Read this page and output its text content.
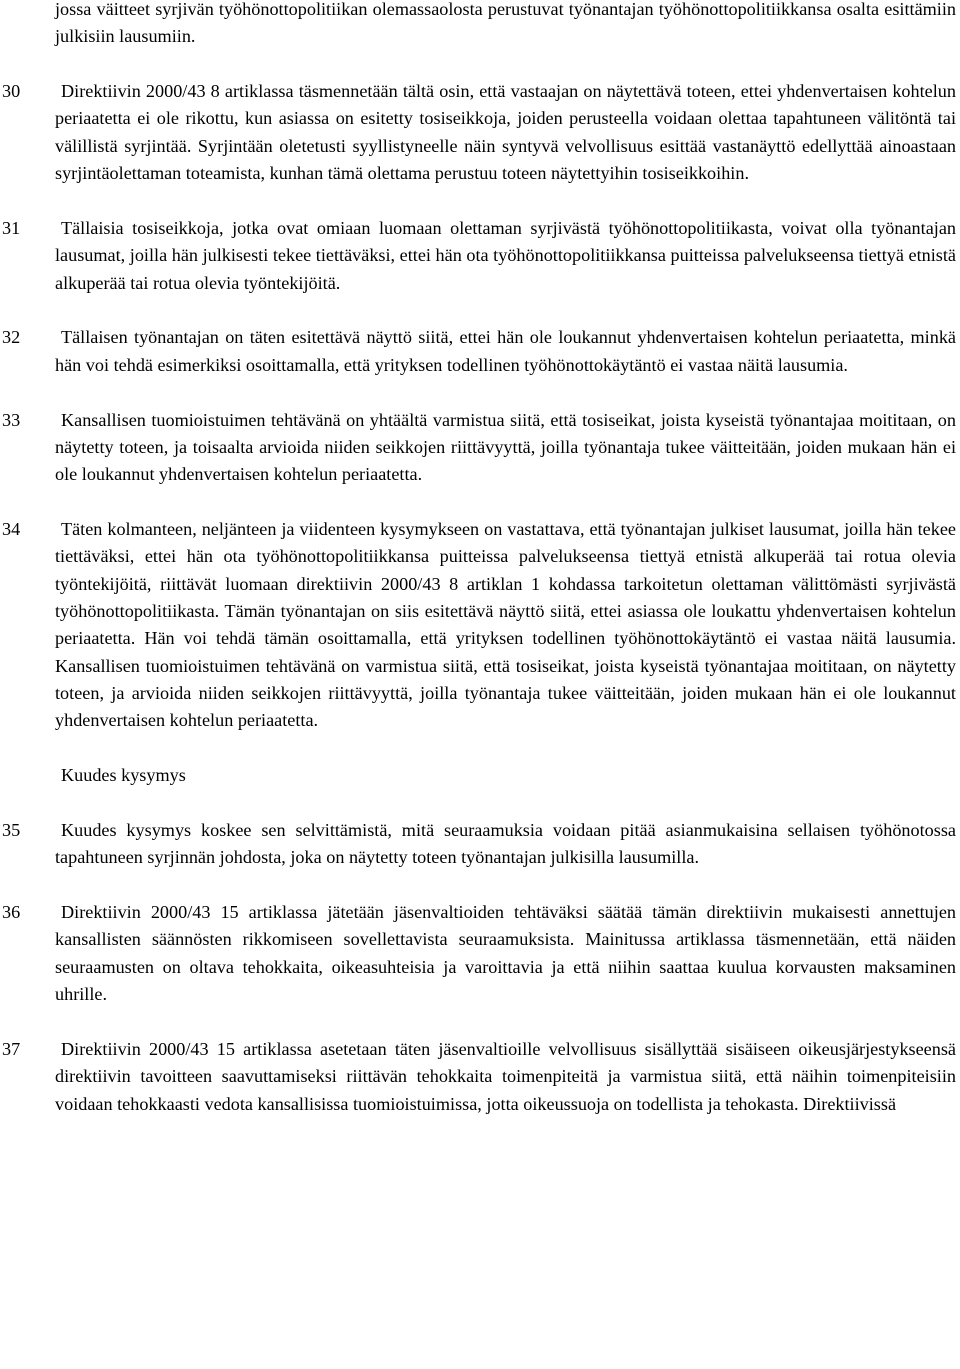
jossa väitteet syrjivän työhönottopolitiikan olemassaolosta perustuvat työnantajan työhönottopolitiikkansa osalta esittämiin julkisiin lausumiin.

30 Direktiivin 2000/43 8 artiklassa täsmennetään tältä osin, että vastaajan on näytettävä toteen, ettei yhdenvertaisen kohtelun periaatetta ei ole rikottu, kun asiassa on esitetty tosiseikkoja, joiden perusteella voidaan olettaa tapahtuneen välitöntä tai välillistä syrjintää. Syrjintään oletetusti syyllistyneelle näin syntyvä velvollisuus esittää vastanäyttö edellyttää ainoastaan syrjintäolettaman toteamista, kunhan tämä olettama perustuu toteen näytettyihin tosiseikkoihin.

31 Tällaisia tosiseikkoja, jotka ovat omiaan luomaan olettaman syrjivästä työhönottopolitiikasta, voivat olla työnantajan lausumat, joilla hän julkisesti tekee tiettäväksi, ettei hän ota työhönottopolitiikkansa puitteissa palvelukseensa tiettyä etnistä alkuperää tai rotua olevia työntekijöitä.

32 Tällaisen työnantajan on täten esitettävä näyttö siitä, ettei hän ole loukannut yhdenvertaisen kohtelun periaatetta, minkä hän voi tehdä esimerkiksi osoittamalla, että yrityksen todellinen työhönottokäytäntö ei vastaa näitä lausumia.

33 Kansallisen tuomioistuimen tehtävänä on yhtäältä varmistua siitä, että tosiseikat, joista kyseistä työnantajaa moititaan, on näytetty toteen, ja toisaalta arvioida niiden seikkojen riittävyyttä, joilla työnantaja tukee väitteitään, joiden mukaan hän ei ole loukannut yhdenvertaisen kohtelun periaatetta.

34 Täten kolmanteen, neljänteen ja viidenteen kysymykseen on vastattava, että työnantajan julkiset lausumat, joilla hän tekee tiettäväksi, ettei hän ota työhönottopolitiikkansa puitteissa palvelukseensa tiettyä etnistä alkuperää tai rotua olevia työntekijöitä, riittävät luomaan direktiivin 2000/43 8 artiklan 1 kohdassa tarkoitetun olettaman välittömästi syrjivästä työhönottopolitiikasta. Tämän työnantajan on siis esitettävä näyttö siitä, ettei asiassa ole loukattu yhdenvertaisen kohtelun periaatetta. Hän voi tehdä tämän osoittamalla, että yrityksen todellinen työhönottokäytäntö ei vastaa näitä lausumia. Kansallisen tuomioistuimen tehtävänä on varmistua siitä, että tosiseikat, joista kyseistä työnantajaa moititaan, on näytetty toteen, ja arvioida niiden seikkojen riittävyyttä, joilla työnantaja tukee väitteitään, joiden mukaan hän ei ole loukannut yhdenvertaisen kohtelun periaatetta.

Kuudes kysymys

35 Kuudes kysymys koskee sen selvittämistä, mitä seuraamuksia voidaan pitää asianmukaisina sellaisen työhönotossa tapahtuneen syrjinnän johdosta, joka on näytetty toteen työnantajan julkisilla lausumilla.

36 Direktiivin 2000/43 15 artiklassa jätetään jäsenvaltioiden tehtäväksi säätää tämän direktiivin mukaisesti annettujen kansallisten säännösten rikkomiseen sovellettavista seuraamuksista. Mainitussa artiklassa täsmennetään, että näiden seuraamusten on oltava tehokkaita, oikeasuhteisia ja varoittavia ja että niihin saattaa kuulua korvausten maksaminen uhrille.

37 Direktiivin 2000/43 15 artiklassa asetetaan täten jäsenvaltioille velvollisuus sisällyttää sisäiseen oikeusjärjestykseensä direktiivin tavoitteen saavuttamiseksi riittävän tehokkaita toimenpiteitä ja varmistua siitä, että näihin toimenpiteisiin voidaan tehokkaasti vedota kansallisissa tuomioistuimissa, jotta oikeussuoja on todellista ja tehokasta. Direktiivissä
